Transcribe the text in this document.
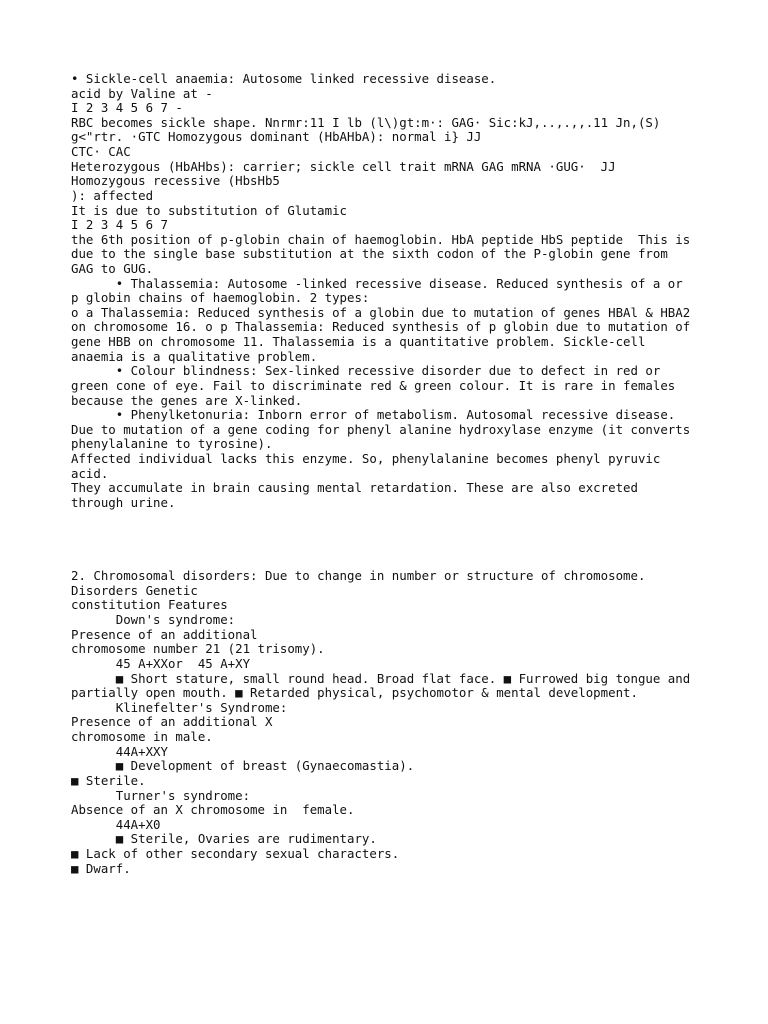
• Sickle-cell anaemia: Autosome linked recessive disease.

acid by Valine at -

I 2 3 4 5 6 7 -

RBC becomes sickle shape. Nnrmr:11 I lb (l\)gt:m·: GAG· Sic:kJ,..,.,,.11 Jn,(S)

g<"rtr. ·GTC Homozygous dominant (HbAHbA): normal i} JJ

CTC· CAC

Heterozygous (HbAHbs): carrier; sickle cell trait mRNA GAG mRNA ·GUG·  JJ

Homozygous recessive (HbsHb5

): affected

It is due to substitution of Glutamic

I 2 3 4 5 6 7

the 6th position of p-globin chain of haemoglobin. HbA peptide HbS peptide  This is

due to the single base substitution at the sixth codon of the P-globin gene from

GAG to GUG.

• Thalassemia: Autosome -linked recessive disease. Reduced synthesis of a or

p globin chains of haemoglobin. 2 types:

o a Thalassemia: Reduced synthesis of a globin due to mutation of genes HBAl & HBA2

on chromosome 16. o p Thalassemia: Reduced synthesis of p globin due to mutation of

gene HBB on chromosome 11. Thalassemia is a quantitative problem. Sickle-cell

anaemia is a qualitative problem.

• Colour blindness: Sex-linked recessive disorder due to defect in red or

green cone of eye. Fail to discriminate red & green colour. It is rare in females

because the genes are X-linked.

• Phenylketonuria: Inborn error of metabolism. Autosomal recessive disease.

Due to mutation of a gene coding for phenyl alanine hydroxylase enzyme (it converts

phenylalanine to tyrosine).

Affected individual lacks this enzyme. So, phenylalanine becomes phenyl pyruvic

acid.

They accumulate in brain causing mental retardation. These are also excreted

through urine.

2. Chromosomal disorders: Due to change in number or structure of chromosome.

Disorders Genetic

constitution Features

Down's syndrome:

Presence of an additional

chromosome number 21 (21 trisomy).

45 A+XXor  45 A+XY

■ Short stature, small round head. Broad flat face. ■ Furrowed big tongue and

partially open mouth. ■ Retarded physical, psychomotor & mental development.

Klinefelter's Syndrome:

Presence of an additional X

chromosome in male.

44A+XXY

■ Development of breast (Gynaecomastia).

■ Sterile.

Turner's syndrome:

Absence of an X chromosome in  female.

44A+X0

■ Sterile, Ovaries are rudimentary.

■ Lack of other secondary sexual characters.

■ Dwarf.
